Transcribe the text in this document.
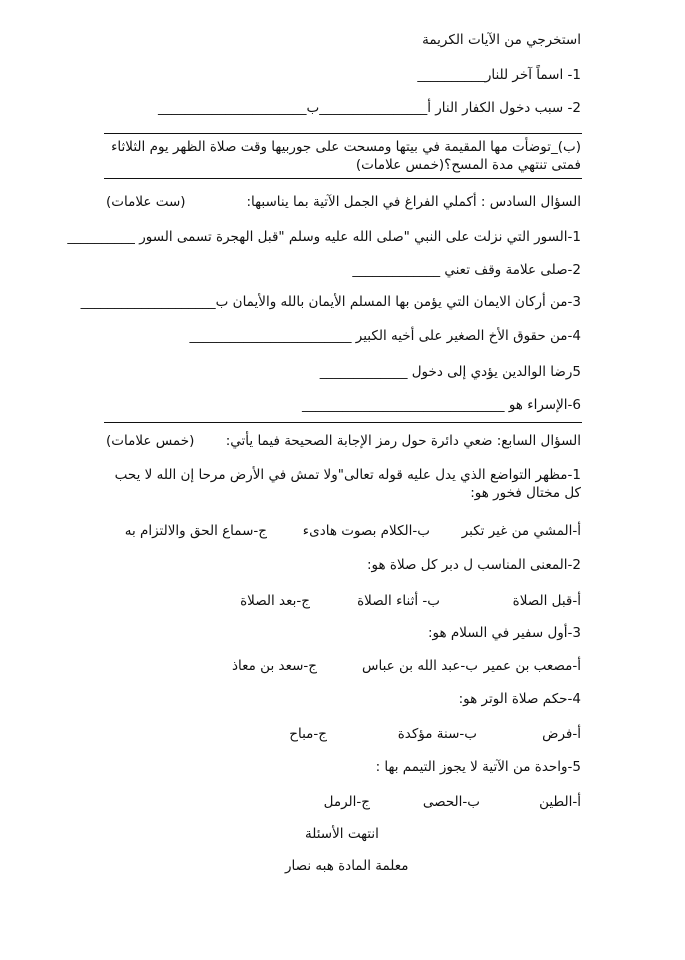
استخرجي من الآيات الكريمة
1- اسماً آخر للنار__________
2- سبب دخول الكفار النار أ________________ب______________________
(ب)_توضأت مها المقيمة في بيتها ومسحت على جوربيها وقت صلاة الظهر يوم الثلاثاء فمتى تنتهي مدة المسح؟(خمس علامات)
السؤال السادس : أكملي الفراغ في الجمل الآتية بما يناسبها:
(ست علامات)
1-السور التي نزلت على النبي "صلى الله عليه وسلم "قبل الهجرة تسمى السور __________
2-صلى علامة وقف تعني _____________
3-من أركان الايمان التي يؤمن بها المسلم الأيمان بالله والأيمان ب____________________
4-من حقوق الأخ الصغير على أخيه الكبير ________________________
5رضا الوالدين يؤدي إلى دخول _____________
6-الإسراء هو ______________________________
السؤال السابع: ضعي دائرة حول رمز الإجابة الصحيحة فيما يأتي:
(خمس علامات)
1-مظهر التواضع الذي يدل عليه قوله تعالى"ولا تمش في الأرض مرحا إن الله لا يحب كل مختال فخور هو:
أ-المشي من غير تكبر
ب-الكلام بصوت هادىء
ج-سماع الحق والالتزام به
2-المعنى المناسب ل دبر كل صلاة هو:
أ-قبل الصلاة
ب- أثناء الصلاة
ج-بعد الصلاة
3-أول سفير في السلام هو:
أ-مصعب بن عمير
ب-عبد الله بن عباس
ج-سعد بن معاذ
4-حكم صلاة الوتر هو:
أ-فرض
ب-سنة مؤكدة
ج-مباح
5-واحدة من الآتية لا يجوز التيمم بها :
أ-الطين
ب-الحصى
ج-الرمل
انتهت الأسئلة
معلمة المادة هبه نصار
